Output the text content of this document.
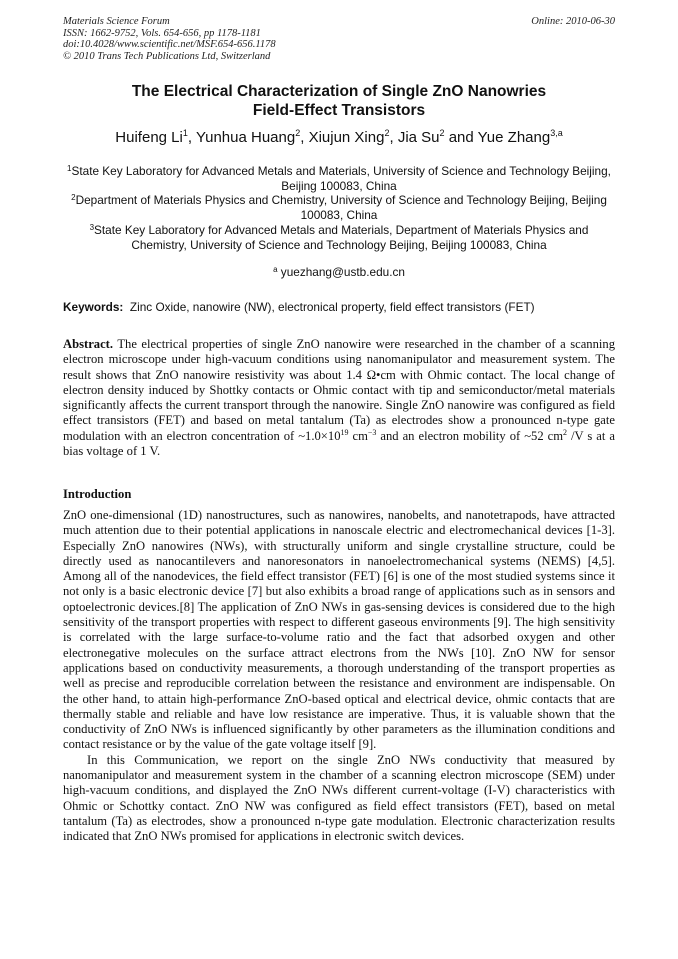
Materials Science Forum
ISSN: 1662-9752, Vols. 654-656, pp 1178-1181
doi:10.4028/www.scientific.net/MSF.654-656.1178
© 2010 Trans Tech Publications Ltd, Switzerland
Online: 2010-06-30
The Electrical Characterization of Single ZnO Nanowries
Field-Effect Transistors
Huifeng Li$^1$, Yunhua Huang$^2$, Xiujun Xing$^2$, Jia Su$^2$ and Yue Zhang$^{3,a}$

$^1$State Key Laboratory for Advanced Metals and Materials, University of Science and Technology Beijing, Beijing 100083, China

$^2$Department of Materials Physics and Chemistry, University of Science and Technology Beijing, Beijing 100083, China

$^3$State Key Laboratory for Advanced Metals and Materials, Department of Materials Physics and Chemistry, University of Science and Technology Beijing, Beijing 100083, China

$^a$ yuezhang@ustb.edu.cn
Keywords: Zinc Oxide, nanowire (NW), electronical property, field effect transistors (FET)
Abstract. The electrical properties of single ZnO nanowire were researched in the chamber of a scanning electron microscope under high-vacuum conditions using nanomanipulator and measurement system. The result shows that ZnO nanowire resistivity was about 1.4 Ω•cm with Ohmic contact. The local change of electron density induced by Shottky contacts or Ohmic contact with tip and semiconductor/metal materials significantly affects the current transport through the nanowire. Single ZnO nanowire was configured as field effect transistors (FET) and based on metal tantalum (Ta) as electrodes show a pronounced n-type gate modulation with an electron concentration of $\sim 1.0\times 10^{19}$ $cm^{-3}$ and an electron mobility of ~52 $cm^2$ /V s at a bias voltage of 1 V.
Introduction

ZnO one-dimensional (1D) nanostructures, such as nanowires, nanobelts, and nanotetrapods, have attracted much attention due to their potential applications in nanoscale electric and electromechanical devices [1-3]. Especially ZnO nanowires (NWs), with structurally uniform and single crystalline structure, could be directly used as nanocantilevers and nanoresonators in nanoelectromechanical systems (NEMS) [4,5]. Among all of the nanodevices, the field effect transistor (FET) [6] is one of the most studied systems since it not only is a basic electronic device [7] but also exhibits a broad range of applications such as in sensors and optoelectronic devices.[8] The application of ZnO NWs in gas-sensing devices is considered due to the high sensitivity of the transport properties with respect to different gaseous environments [9]. The high sensitivity is correlated with the large surface-to-volume ratio and the fact that adsorbed oxygen and other electronegative molecules on the surface attract electrons from the NWs [10]. ZnO NW for sensor applications based on conductivity measurements, a thorough understanding of the transport properties as well as precise and reproducible correlation between the resistance and environment are indispensable. On the other hand, to attain high-performance ZnO-based optical and electrical device, ohmic contacts that are thermally stable and reliable and have low resistance are imperative. Thus, it is valuable shown that the conductivity of ZnO NWs is influenced significantly by other parameters as the illumination conditions and contact resistance or by the value of the gate voltage itself [9].

In this Communication, we report on the single ZnO NWs conductivity that measured by nanomanipulator and measurement system in the chamber of a scanning electron microscope (SEM) under high-vacuum conditions, and displayed the ZnO NWs different current-voltage (I-V) characteristics with Ohmic or Schottky contact. ZnO NW was configured as field effect transistors (FET), based on metal tantalum (Ta) as electrodes, show a pronounced n-type gate modulation. Electronic characterization results indicated that ZnO NWs promised for applications in electronic switch devices.
